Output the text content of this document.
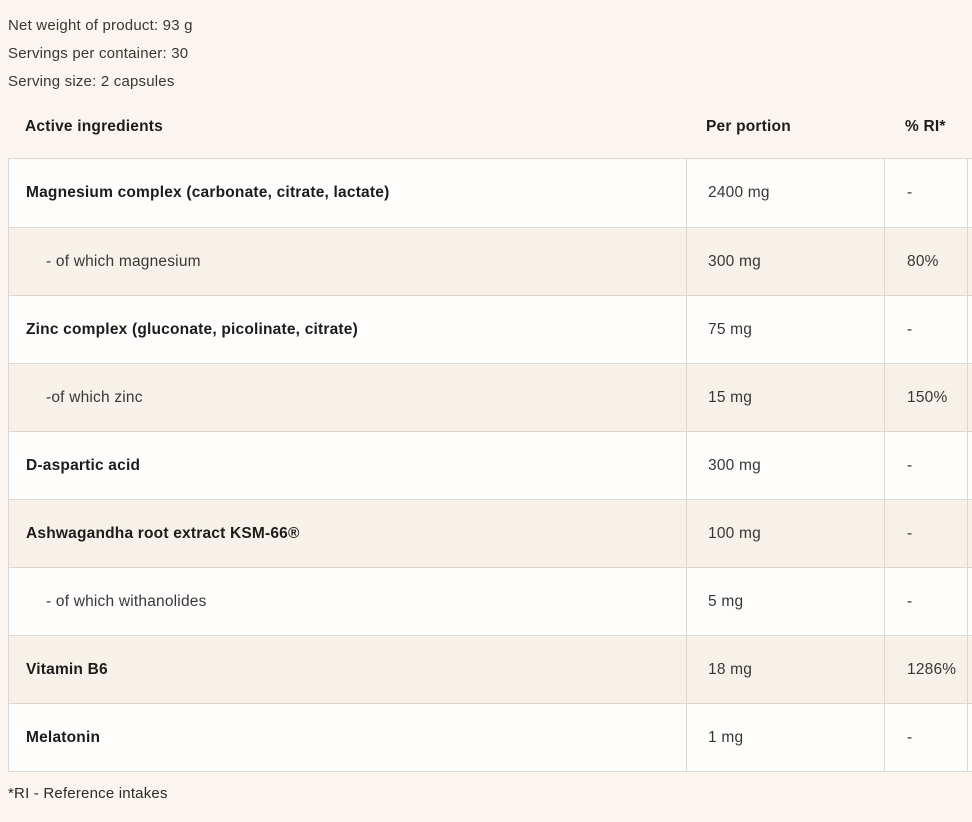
Net weight of product: 93 g
Servings per container: 30
Serving size: 2 capsules
Active ingredients	Per portion	% RI*
Magnesium complex (carbonate, citrate, lactate)	2400 mg	-
- of which magnesium	300 mg	80%
Zinc complex (gluconate, picolinate, citrate)	75 mg	-
-of which zinc	15 mg	150%
D-aspartic acid	300 mg	-
Ashwagandha root extract KSM-66®	100 mg	-
- of which withanolides	5 mg	-
Vitamin B6	18 mg	1286%
Melatonin	1 mg	-
*RI - Reference intakes
